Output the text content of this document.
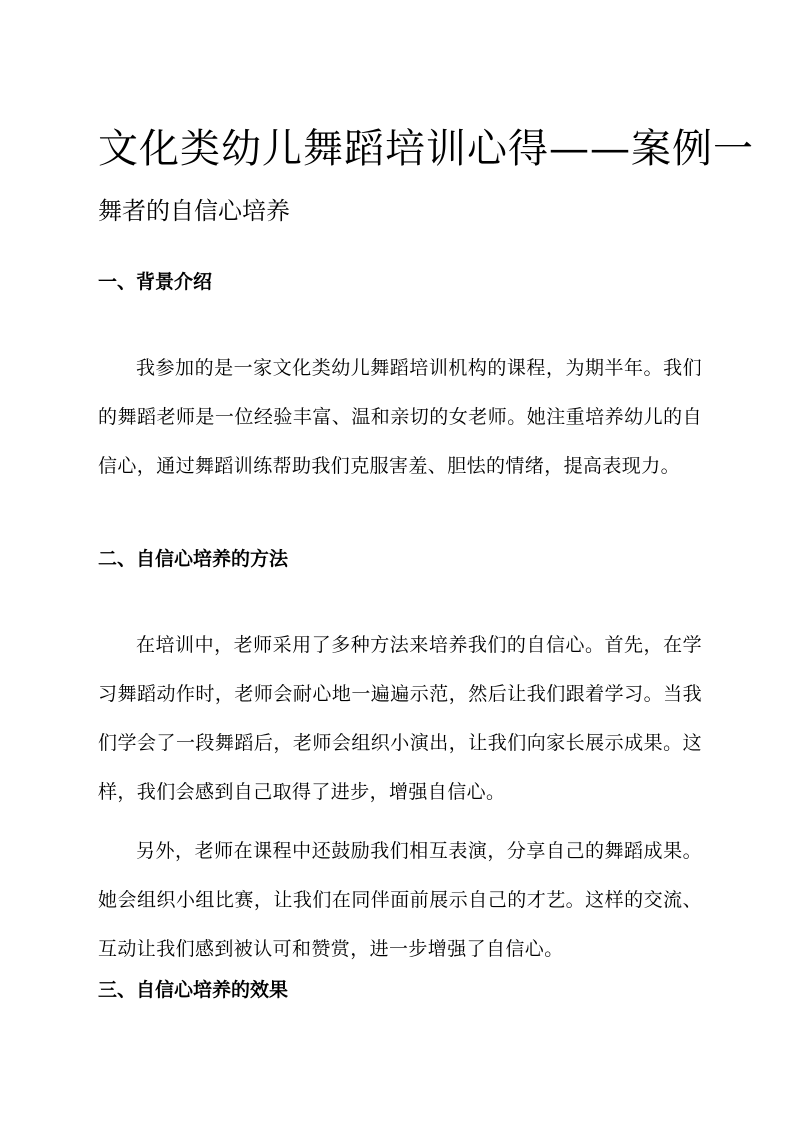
文化类幼儿舞蹈培训心得——案例一
舞者的自信心培养
一、背景介绍

我参加的是一家文化类幼儿舞蹈培训机构的课程，为期半年。我们的舞蹈老师是一位经验丰富、温和亲切的女老师。她注重培养幼儿的自信心，通过舞蹈训练帮助我们克服害羞、胆怯的情绪，提高表现力。

二、自信心培养的方法

在培训中，老师采用了多种方法来培养我们的自信心。首先，在学习舞蹈动作时，老师会耐心地一遍遍示范，然后让我们跟着学习。当我们学会了一段舞蹈后，老师会组织小演出，让我们向家长展示成果。这样，我们会感到自己取得了进步，增强自信心。

另外，老师在课程中还鼓励我们相互表演，分享自己的舞蹈成果。她会组织小组比赛，让我们在同伴面前展示自己的才艺。这样的交流、互动让我们感到被认可和赞赏，进一步增强了自信心。

三、自信心培养的效果
